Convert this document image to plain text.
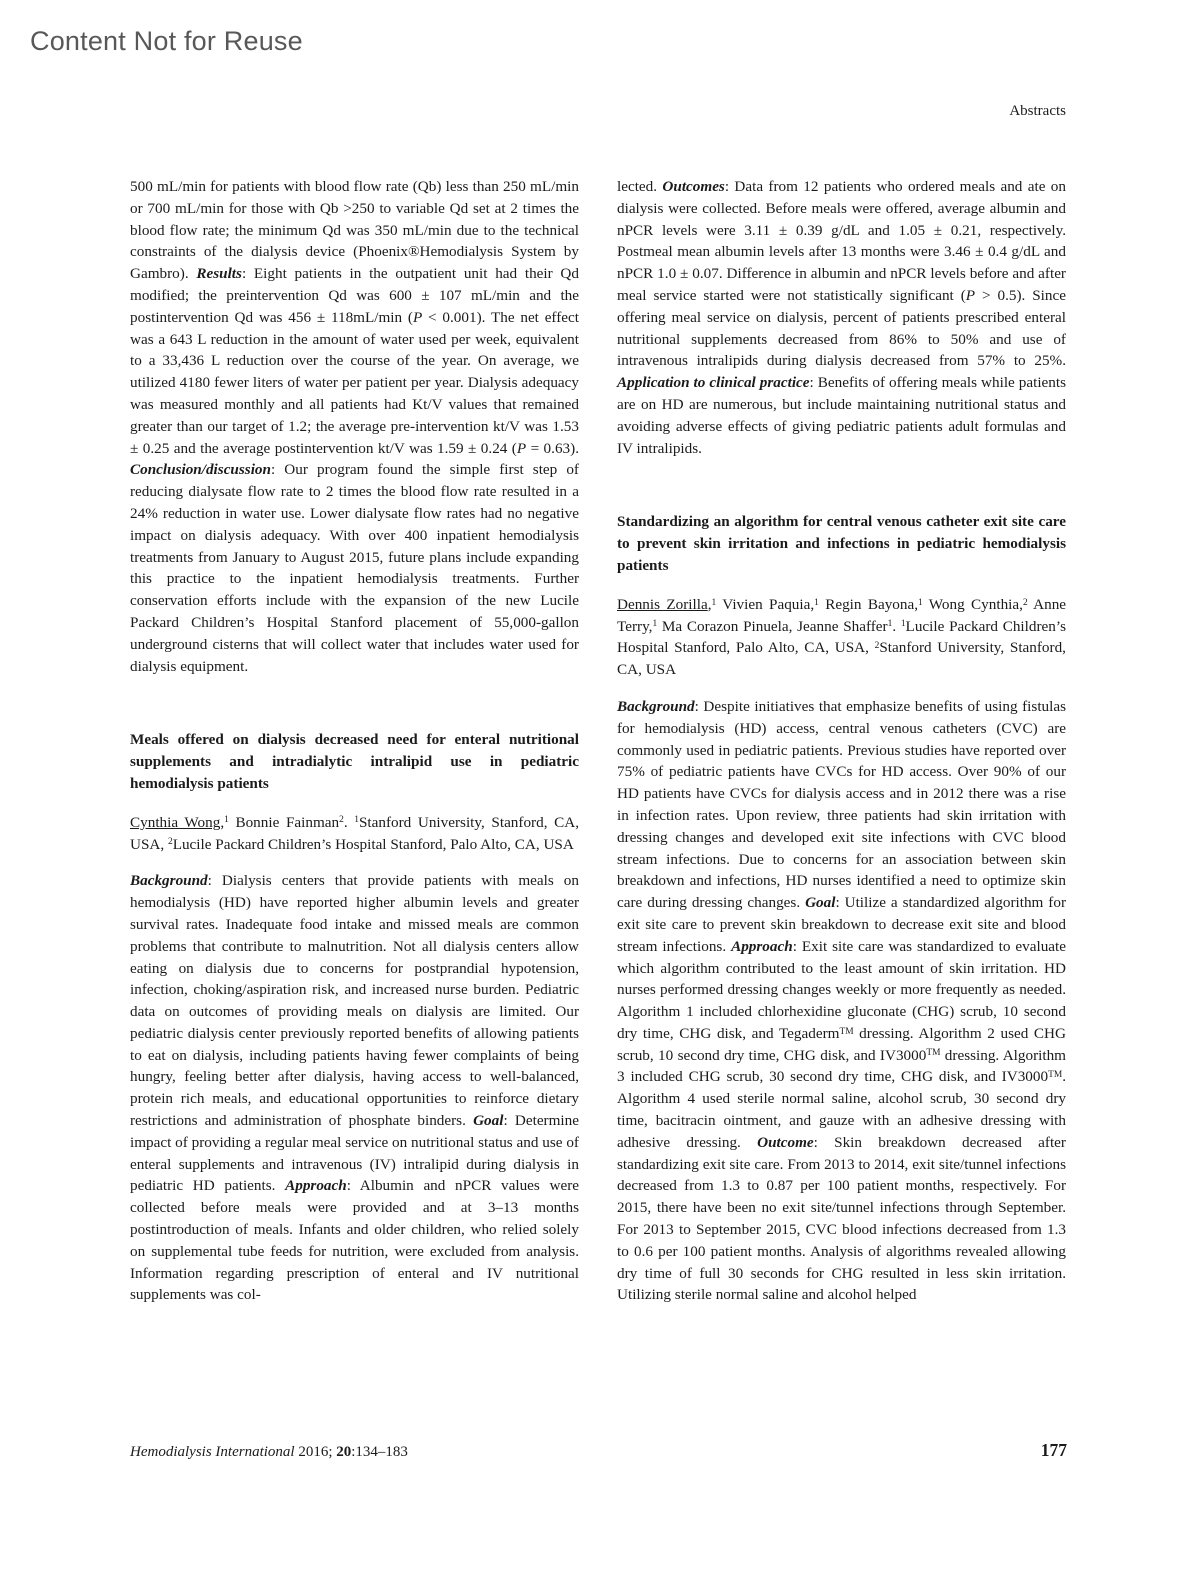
Content Not for Reuse
Abstracts
500 mL/min for patients with blood flow rate (Qb) less than 250 mL/min or 700 mL/min for those with Qb >250 to variable Qd set at 2 times the blood flow rate; the minimum Qd was 350 mL/min due to the technical constraints of the dialysis device (Phoenix®Hemodialysis System by Gambro). Results: Eight patients in the outpatient unit had their Qd modified; the preintervention Qd was 600 ± 107 mL/min and the postintervention Qd was 456 ± 118mL/min (P < 0.001). The net effect was a 643 L reduction in the amount of water used per week, equivalent to a 33,436 L reduction over the course of the year. On average, we utilized 4180 fewer liters of water per patient per year. Dialysis adequacy was measured monthly and all patients had Kt/V values that remained greater than our target of 1.2; the average pre-intervention kt/V was 1.53 ± 0.25 and the average postintervention kt/V was 1.59 ± 0.24 (P = 0.63). Conclusion/discussion: Our program found the simple first step of reducing dialysate flow rate to 2 times the blood flow rate resulted in a 24% reduction in water use. Lower dialysate flow rates had no negative impact on dialysis adequacy. With over 400 inpatient hemodialysis treatments from January to August 2015, future plans include expanding this practice to the inpatient hemodialysis treatments. Further conservation efforts include with the expansion of the new Lucile Packard Children’s Hospital Stanford placement of 55,000-gallon underground cisterns that will collect water that includes water used for dialysis equipment.
Meals offered on dialysis decreased need for enteral nutritional supplements and intradialytic intralipid use in pediatric hemodialysis patients
Cynthia Wong,$^1$ Bonnie Fainman$^2$. $^1$Stanford University, Stanford, CA, USA, $^2$Lucile Packard Children’s Hospital Stanford, Palo Alto, CA, USA
Background: Dialysis centers that provide patients with meals on hemodialysis (HD) have reported higher albumin levels and greater survival rates. Inadequate food intake and missed meals are common problems that contribute to malnutrition. Not all dialysis centers allow eating on dialysis due to concerns for postprandial hypotension, infection, choking/aspiration risk, and increased nurse burden. Pediatric data on outcomes of providing meals on dialysis are limited. Our pediatric dialysis center previously reported benefits of allowing patients to eat on dialysis, including patients having fewer complaints of being hungry, feeling better after dialysis, having access to well-balanced, protein rich meals, and educational opportunities to reinforce dietary restrictions and administration of phosphate binders. Goal: Determine impact of providing a regular meal service on nutritional status and use of enteral supplements and intravenous (IV) intralipid during dialysis in pediatric HD patients. Approach: Albumin and nPCR values were collected before meals were provided and at 3–13 months postintroduction of meals. Infants and older children, who relied solely on supplemental tube feeds for nutrition, were excluded from analysis. Information regarding prescription of enteral and IV nutritional supplements was col-
lected. Outcomes: Data from 12 patients who ordered meals and ate on dialysis were collected. Before meals were offered, average albumin and nPCR levels were 3.11 ± 0.39 g/dL and 1.05 ± 0.21, respectively. Postmeal mean albumin levels after 13 months were 3.46 ± 0.4 g/dL and nPCR 1.0 ± 0.07. Difference in albumin and nPCR levels before and after meal service started were not statistically significant (P > 0.5). Since offering meal service on dialysis, percent of patients prescribed enteral nutritional supplements decreased from 86% to 50% and use of intravenous intralipids during dialysis decreased from 57% to 25%. Application to clinical practice: Benefits of offering meals while patients are on HD are numerous, but include maintaining nutritional status and avoiding adverse effects of giving pediatric patients adult formulas and IV intralipids.
Standardizing an algorithm for central venous catheter exit site care to prevent skin irritation and infections in pediatric hemodialysis patients
Dennis Zorilla,$^1$ Vivien Paquia,$^1$ Regin Bayona,$^1$ Wong Cynthia,$^2$ Anne Terry,$^1$ Ma Corazon Pinuela, Jeanne Shaffer$^1$. $^1$Lucile Packard Children’s Hospital Stanford, Palo Alto, CA, USA, $^2$Stanford University, Stanford, CA, USA
Background: Despite initiatives that emphasize benefits of using fistulas for hemodialysis (HD) access, central venous catheters (CVC) are commonly used in pediatric patients. Previous studies have reported over 75% of pediatric patients have CVCs for HD access. Over 90% of our HD patients have CVCs for dialysis access and in 2012 there was a rise in infection rates. Upon review, three patients had skin irritation with dressing changes and developed exit site infections with CVC blood stream infections. Due to concerns for an association between skin breakdown and infections, HD nurses identified a need to optimize skin care during dressing changes. Goal: Utilize a standardized algorithm for exit site care to prevent skin breakdown to decrease exit site and blood stream infections. Approach: Exit site care was standardized to evaluate which algorithm contributed to the least amount of skin irritation. HD nurses performed dressing changes weekly or more frequently as needed. Algorithm 1 included chlorhexidine gluconate (CHG) scrub, 10 second dry time, CHG disk, and Tegaderm™ dressing. Algorithm 2 used CHG scrub, 10 second dry time, CHG disk, and IV3000™ dressing. Algorithm 3 included CHG scrub, 30 second dry time, CHG disk, and IV3000™. Algorithm 4 used sterile normal saline, alcohol scrub, 30 second dry time, bacitracin ointment, and gauze with an adhesive dressing with adhesive dressing. Outcome: Skin breakdown decreased after standardizing exit site care. From 2013 to 2014, exit site/tunnel infections decreased from 1.3 to 0.87 per 100 patient months, respectively. For 2015, there have been no exit site/tunnel infections through September. For 2013 to September 2015, CVC blood infections decreased from 1.3 to 0.6 per 100 patient months. Analysis of algorithms revealed allowing dry time of full 30 seconds for CHG resulted in less skin irritation. Utilizing sterile normal saline and alcohol helped
Hemodialysis International 2016; 20:134–183	177
